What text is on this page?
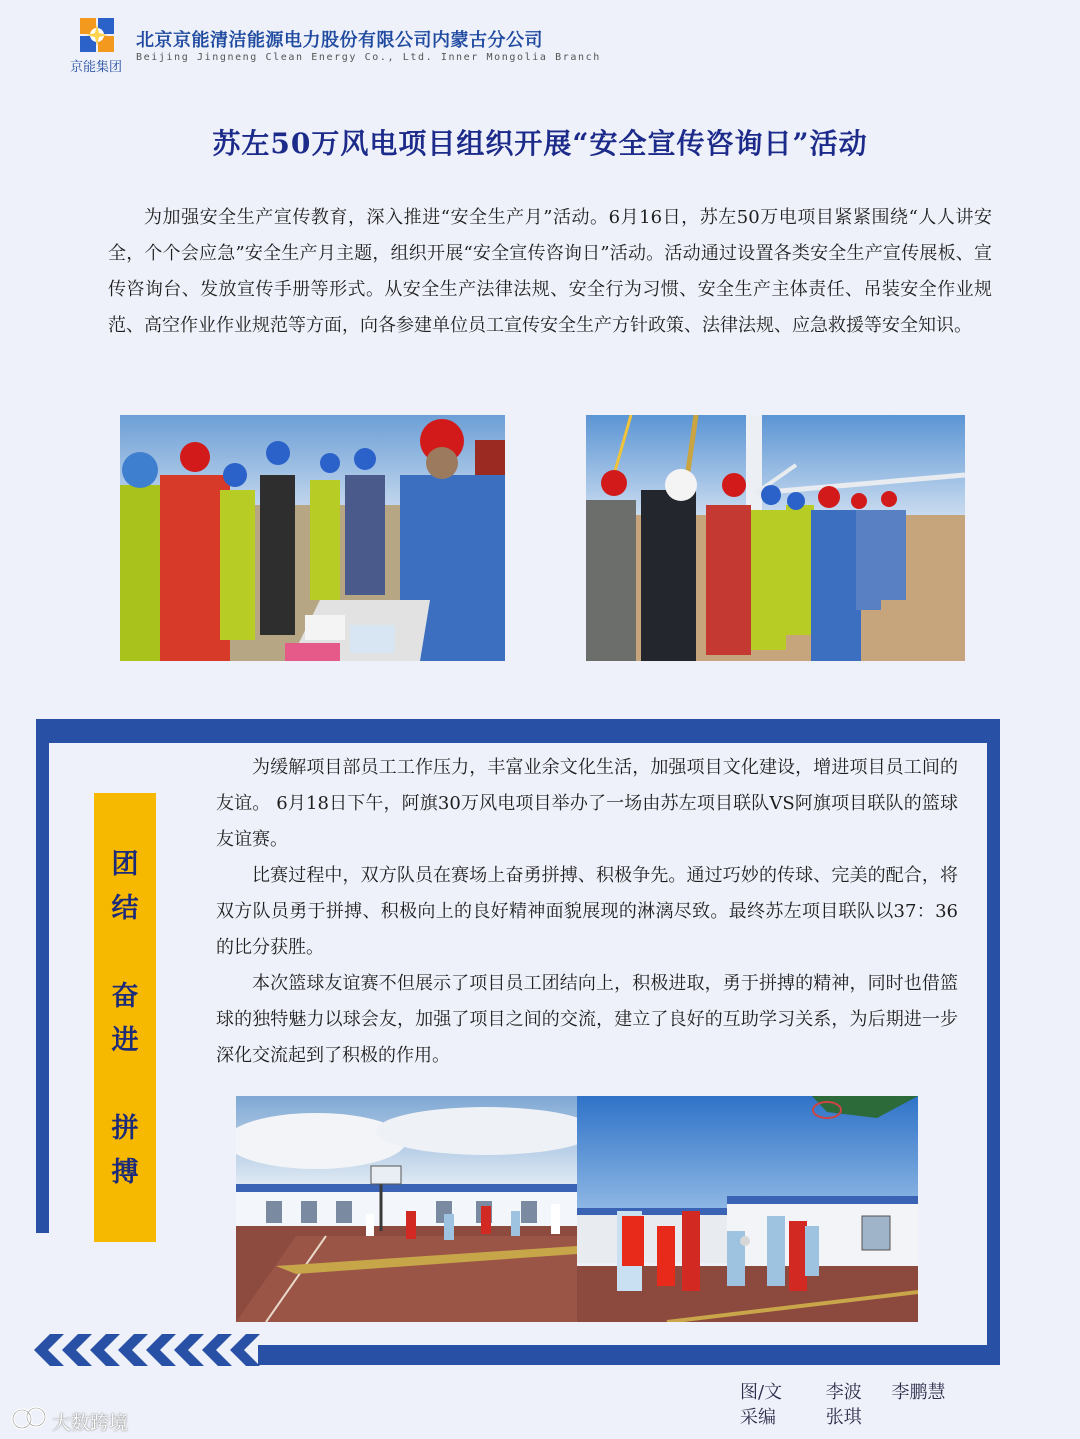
京能集团
北京京能清洁能源电力股份有限公司内蒙古分公司
Beijing Jingneng Clean Energy Co., Ltd. Inner Mongolia Branch
苏左50万风电项目组织开展“安全宣传咨询日”活动

为加强安全生产宣传教育，深入推进“安全生产月”活动。6月16日，苏左50万电项目紧紧围绕“人人讲安全，个个会应急”安全生产月主题，组织开展“安全宣传咨询日”活动。活动通过设置各类安全生产宣传展板、宣传咨询台、发放宣传手册等形式。从安全生产法律法规、安全行为习惯、安全生产主体责任、吊装安全作业规范、高空作业作业规范等方面，向各参建单位员工宣传安全生产方针政策、法律法规、应急救援等安全知识。

团
结
奋
进
拼
搏

为缓解项目部员工工作压力，丰富业余文化生活，加强项目文化建设，增进项目员工间的友谊。 6月18日下午，阿旗30万风电项目举办了一场由苏左项目联队VS阿旗项目联队的篮球友谊赛。

比赛过程中，双方队员在赛场上奋勇拼搏、积极争先。通过巧妙的传球、完美的配合，将双方队员勇于拼搏、积极向上的良好精神面貌展现的淋漓尽致。最终苏左项目联队以37：36的比分获胜。

本次篮球友谊赛不但展示了项目员工团结向上，积极进取，勇于拼搏的精神，同时也借篮球的独特魅力以球会友，加强了项目之间的交流，建立了良好的互助学习关系，为后期进一步深化交流起到了积极的作用。

图/文 李波 李鹏慧
采编	张琪
大数跨境
